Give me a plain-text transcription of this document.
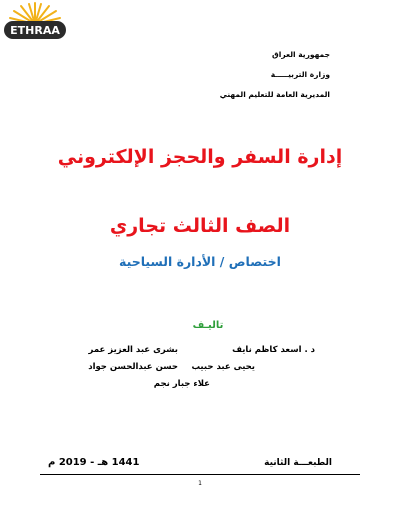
ETHRAA
جمهورية العراق
وزارة التربيـــــة
المديرية العامة للتعليم المهني
إدارة السفر والحجز الإلكتروني
الصف الثالث تجاري
اختصاص / الأدارة السياحية
تاليـف
د . اسعد كاظم نايف
بشرى عبد العزيز عمر
يحيى عبد حبيب
حسن عبدالحسن جواد
علاء جبار نجم
الطبعـــة الثانية
1441 هـ - 2019 م
1
